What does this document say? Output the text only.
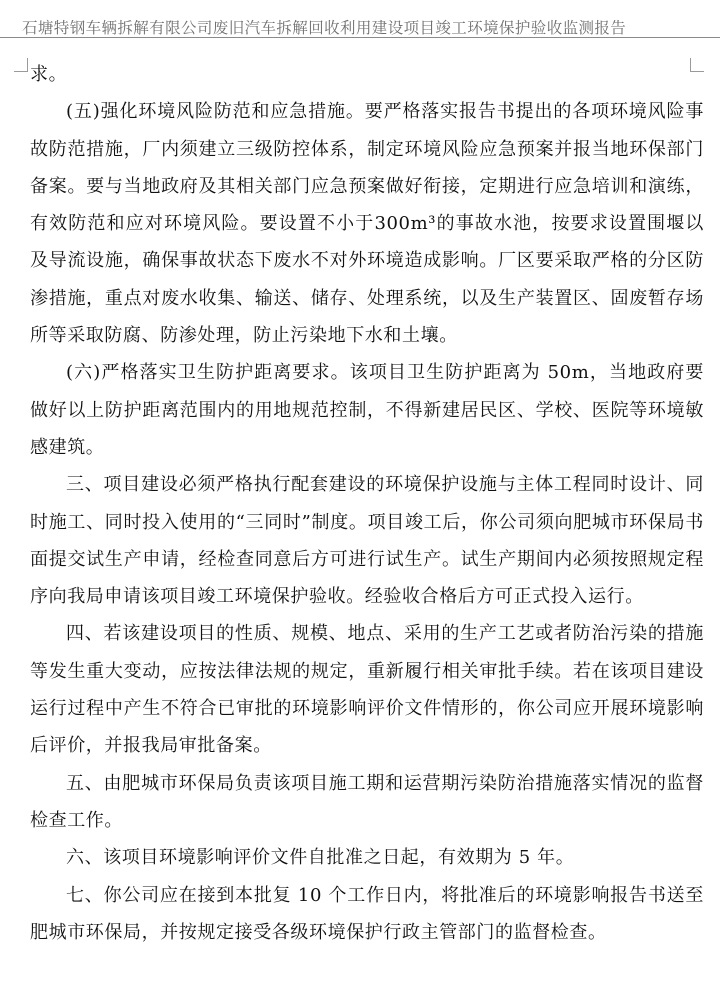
石塘特钢车辆拆解有限公司废旧汽车拆解回收利用建设项目竣工环境保护验收监测报告

求。

(五)强化环境风险防范和应急措施。要严格落实报告书提出的各项环境风险事故防范措施，厂内须建立三级防控体系，制定环境风险应急预案并报当地环保部门备案。要与当地政府及其相关部门应急预案做好衔接，定期进行应急培训和演练，有效防范和应对环境风险。要设置不小于300m³的事故水池，按要求设置围堰以及导流设施，确保事故状态下废水不对外环境造成影响。厂区要采取严格的分区防渗措施，重点对废水收集、输送、储存、处理系统，以及生产装置区、固废暂存场所等采取防腐、防渗处理，防止污染地下水和土壤。

(六)严格落实卫生防护距离要求。该项目卫生防护距离为 50m，当地政府要做好以上防护距离范围内的用地规范控制，不得新建居民区、学校、医院等环境敏感建筑。

三、项目建设必须严格执行配套建设的环境保护设施与主体工程同时设计、同时施工、同时投入使用的“三同时”制度。项目竣工后，你公司须向肥城市环保局书面提交试生产申请，经检查同意后方可进行试生产。试生产期间内必须按照规定程序向我局申请该项目竣工环境保护验收。经验收合格后方可正式投入运行。

四、若该建设项目的性质、规模、地点、采用的生产工艺或者防治污染的措施等发生重大变动，应按法律法规的规定，重新履行相关审批手续。若在该项目建设运行过程中产生不符合已审批的环境影响评价文件情形的，你公司应开展环境影响后评价，并报我局审批备案。

五、由肥城市环保局负责该项目施工期和运营期污染防治措施落实情况的监督检查工作。

六、该项目环境影响评价文件自批准之日起，有效期为 5 年。

七、你公司应在接到本批复 10 个工作日内，将批准后的环境影响报告书送至肥城市环保局，并按规定接受各级环境保护行政主管部门的监督检查。
